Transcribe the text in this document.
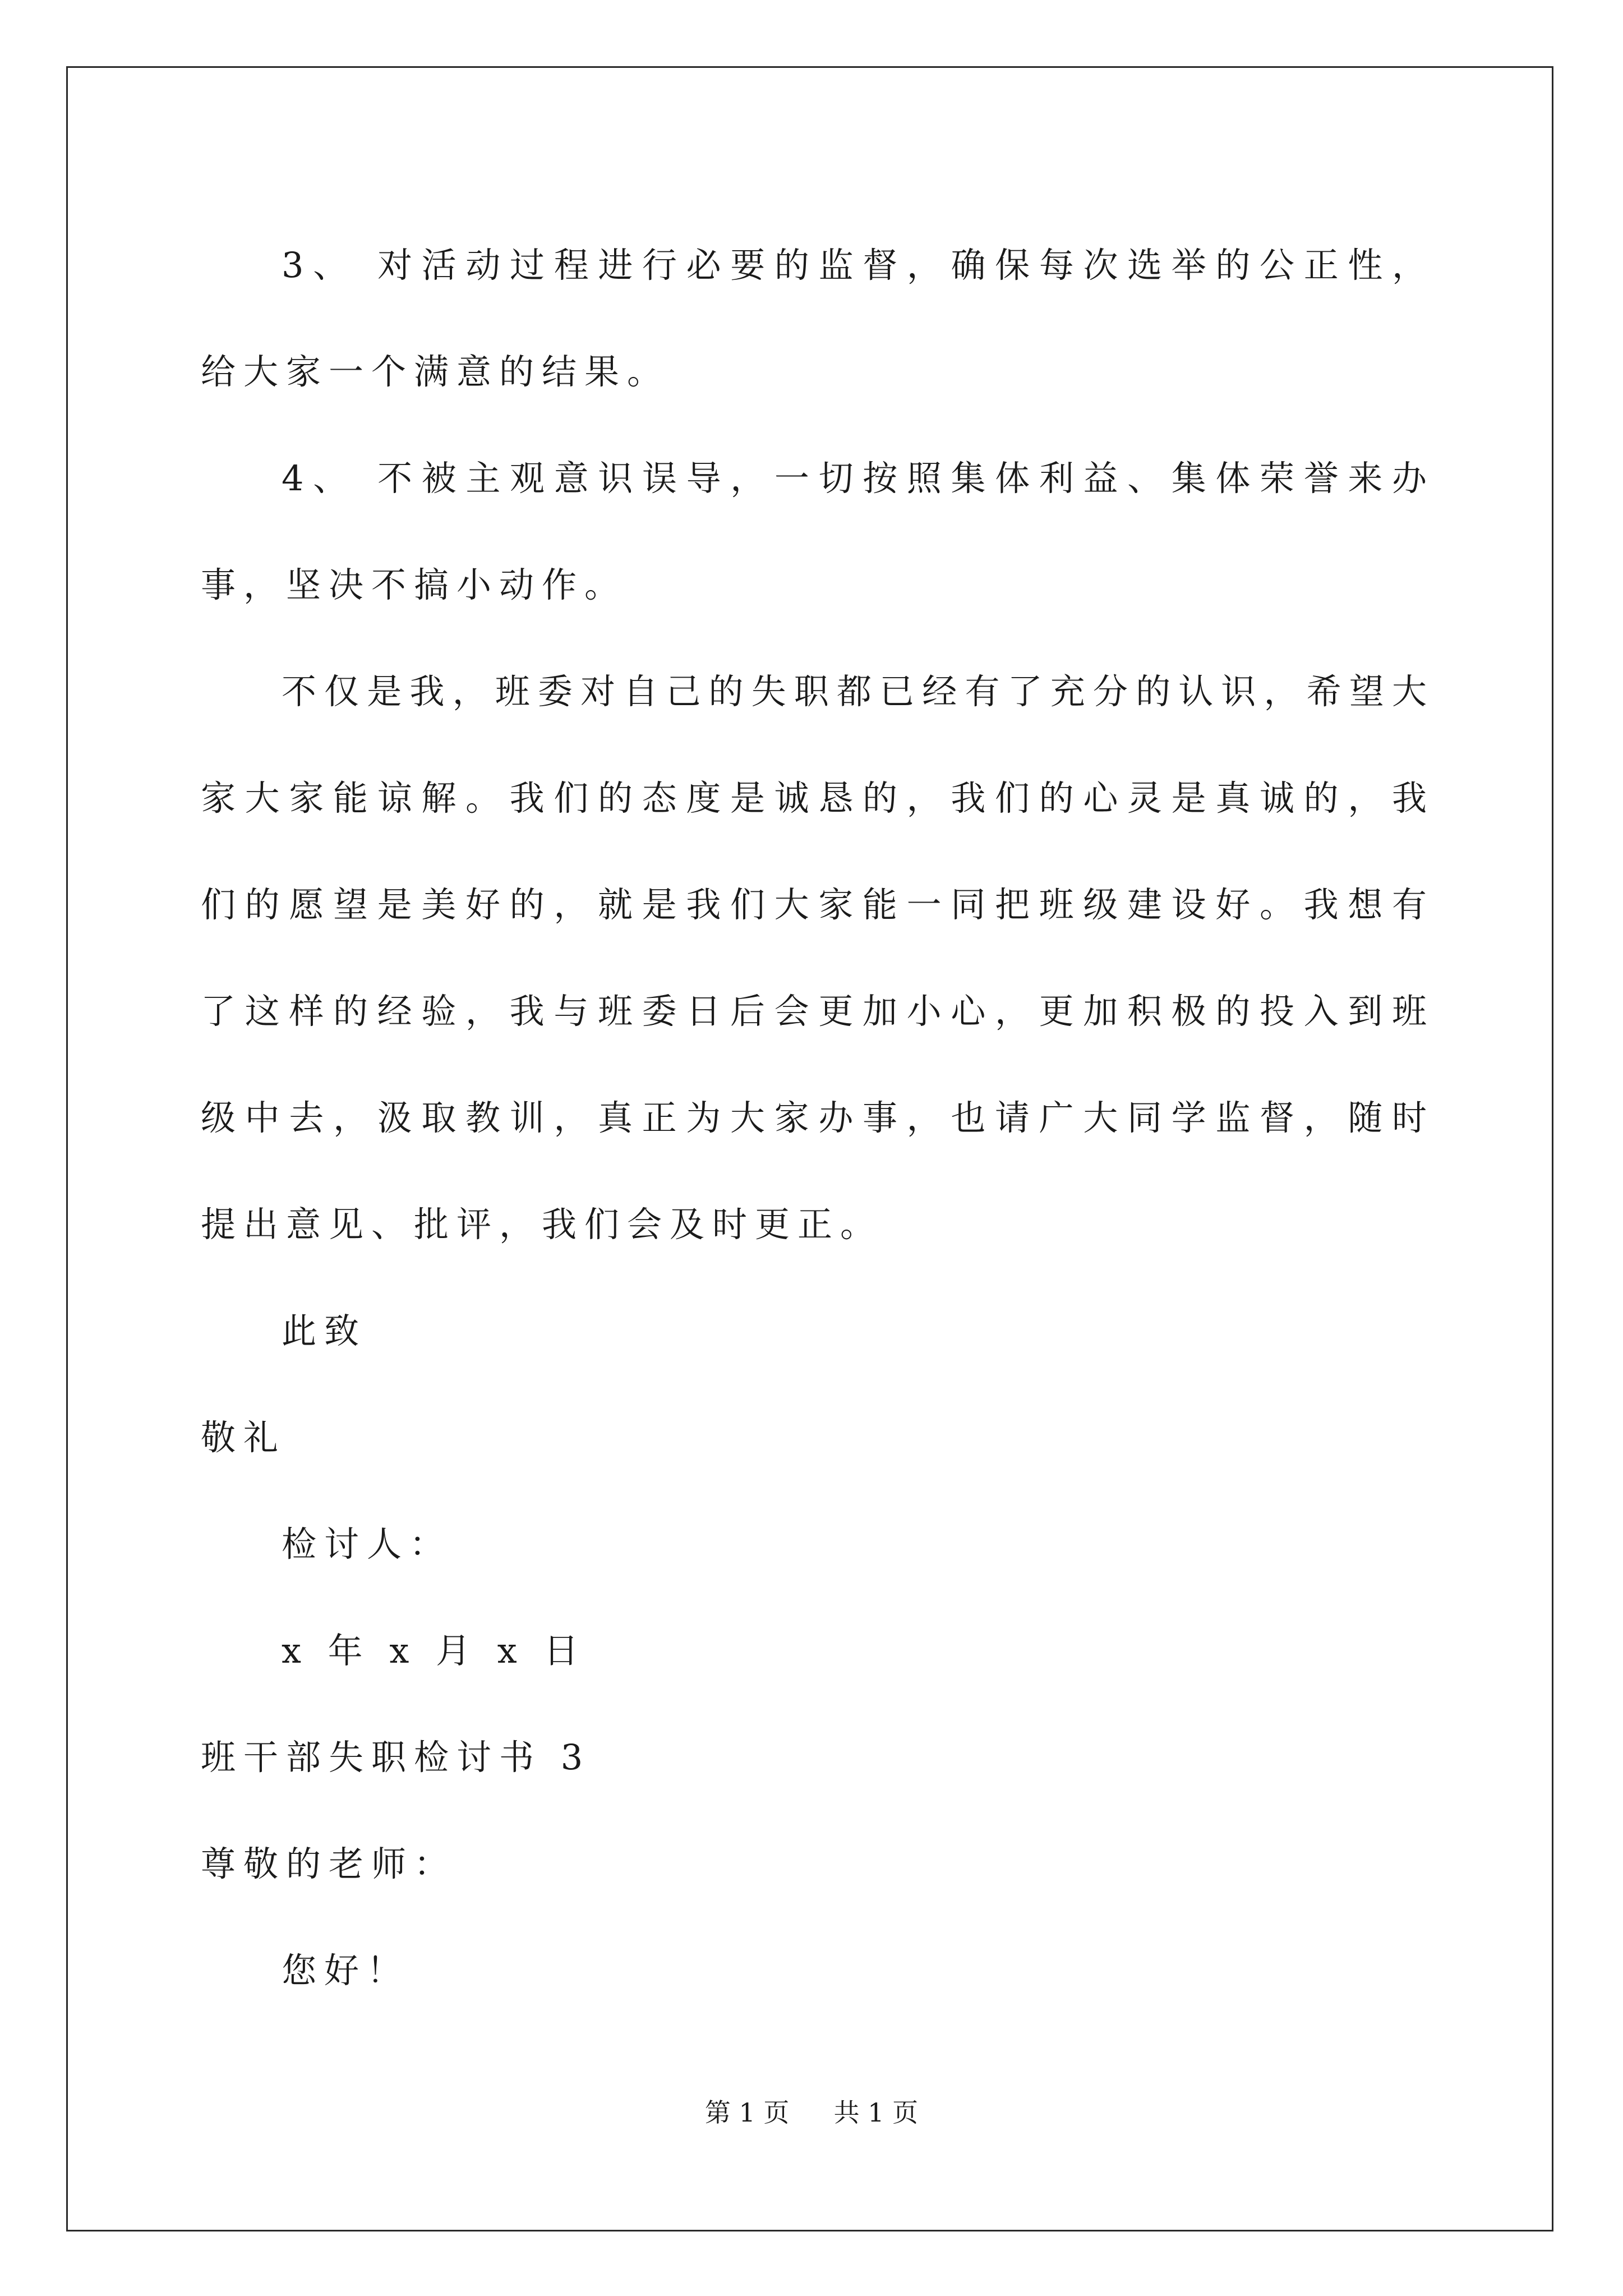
3、 对活动过程进行必要的监督，确保每次选举的公正性，给大家一个满意的结果。

4、 不被主观意识误导，一切按照集体利益、集体荣誉来办事，坚决不搞小动作。

不仅是我，班委对自己的失职都已经有了充分的认识，希望大家大家能谅解。我们的态度是诚恳的，我们的心灵是真诚的，我们的愿望是美好的，就是我们大家能一同把班级建设好。我想有了这样的经验，我与班委日后会更加小心，更加积极的投入到班级中去，汲取教训，真正为大家办事，也请广大同学监督，随时提出意见、批评，我们会及时更正。

此致

敬礼

检讨人：

x 年 x 月 x 日

班干部失职检讨书 3

尊敬的老师：

您好！

第 1 页 共 1 页
